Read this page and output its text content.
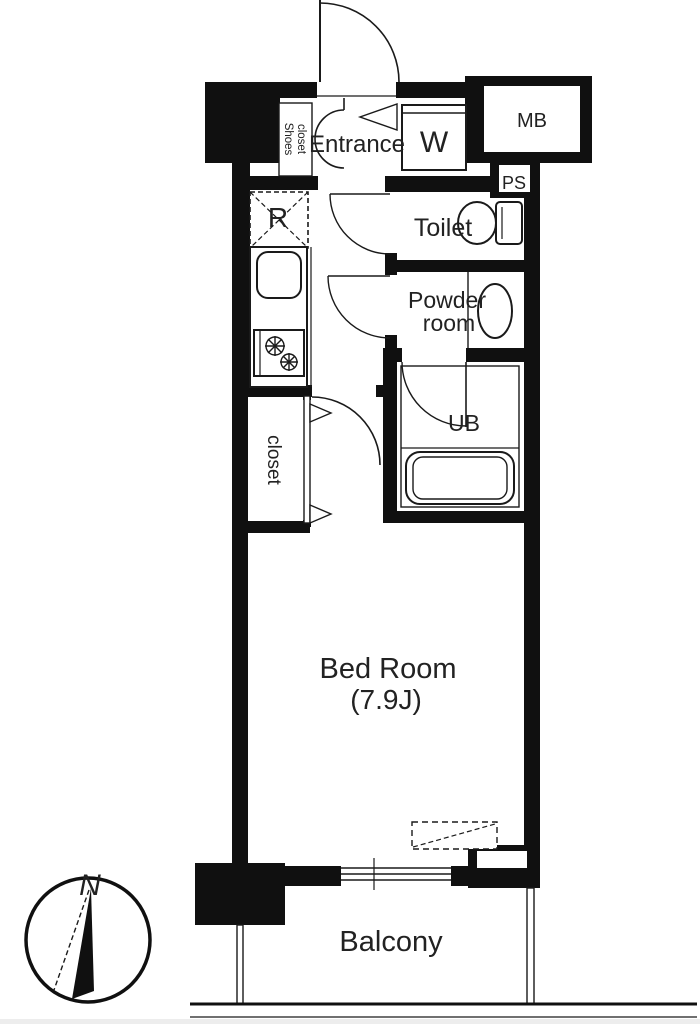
N
Entrance W
MB
PS
Shoes closet
R	Toilet
Powder
room
UB
closet
Bed Room
(7.9J)
Balcony
